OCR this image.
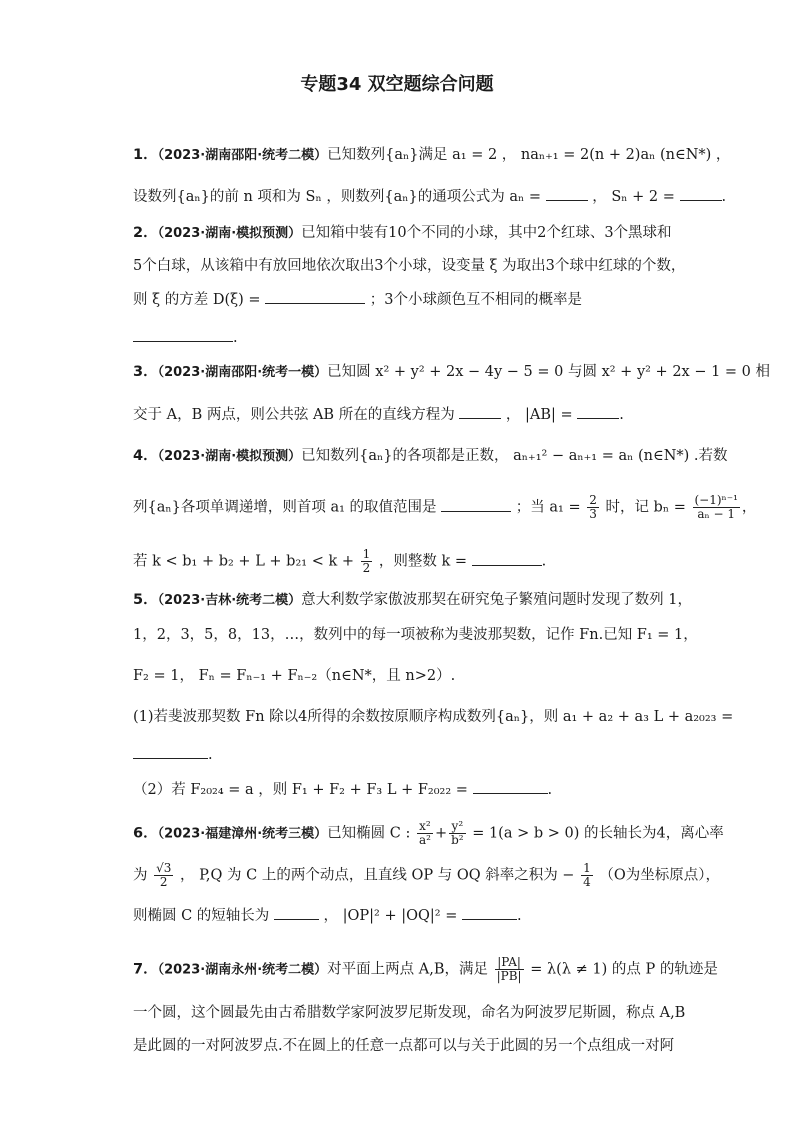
专题34 双空题综合问题
1．（2023·湖南邵阳·统考二模）已知数列{aₙ}满足 a₁ = 2 ， naₙ₊₁ = 2(n + 2)aₙ (n∈N*) ，
设数列{aₙ}的前 n 项和为 Sₙ ，则数列{aₙ}的通项公式为 aₙ =	， Sₙ + 2 =	.
2．（2023·湖南·模拟预测）已知箱中装有10个不同的小球，其中2个红球、3个黑球和
5个白球，从该箱中有放回地依次取出3个小球，设变量 ξ 为取出3个球中红球的个数，
则 ξ 的方差 D(ξ) =	；3个小球颜色互不相同的概率是
.
3．（2023·湖南邵阳·统考一模）已知圆 x² + y² + 2x − 4y − 5 = 0 与圆 x² + y² + 2x − 1 = 0 相
交于 A，B 两点，则公共弦 AB 所在的直线方程为	， |AB| =	.
4．（2023·湖南·模拟预测）已知数列{aₙ}的各项都是正数， aₙ₊₁² − aₙ₊₁ = aₙ (n∈N*) .若数
列{aₙ}各项单调递增，则首项 a₁ 的取值范围是	；当 $a_1 = \frac{2}{3}$ 时，记 $b_n = \frac{\text{(−1)ⁿ⁻¹}}{\text{aₙ − 1}}$ ，
若 $k < b_1 + b_2 + L + b_{21} < k + \frac{1}{2}$ ，则整数 k =	.
5．（2023·吉林·统考二模）意大利数学家傲波那契在研究兔子繁殖问题时发现了数列 1，
1，2，3，5，8，13，…，数列中的每一项被称为斐波那契数，记作 Fn.已知 F₁ = 1，
F₂ = 1， Fₙ = Fₙ₋₁ + Fₙ₋₂（n∈N*，且 n>2）.
(1)若斐波那契数 Fn 除以4所得的余数按原顺序构成数列{aₙ}，则 a₁ + a₂ + a₃ L + a₂₀₂₃ =
.
（2）若 F₂₀₂₄ = a ，则 F₁ + F₂ + F₃ L + F₂₀₂₂ =	.
6．（2023·福建漳州·统考三模）已知椭圆 C : $\frac{\text{x²}}{\text{a²}} + \frac{\text{y²}}{\text{b²}} = 1(a > b > 0)$ 的长轴长为4，离心率
为 $\frac{√3}{2}$ ， P,Q 为 C 上的两个动点，且直线 OP 与 OQ 斜率之积为 − $\frac{1}{4} (O$为坐标原点），
则椭圆 C 的短轴长为	， |OP|² + |OQ|² =	.
7．（2023·湖南永州·统考二模）对平面上两点 A,B，满足 $\frac{|PA|}{|PB|} = \lambda(\lambda \ne 1)$ 的点 P 的轨迹是
一个圆，这个圆最先由古希腊数学家阿波罗尼斯发现，命名为阿波罗尼斯圆，称点 A,B
是此圆的一对阿波罗点.不在圆上的任意一点都可以与关于此圆的另一个点组成一对阿
